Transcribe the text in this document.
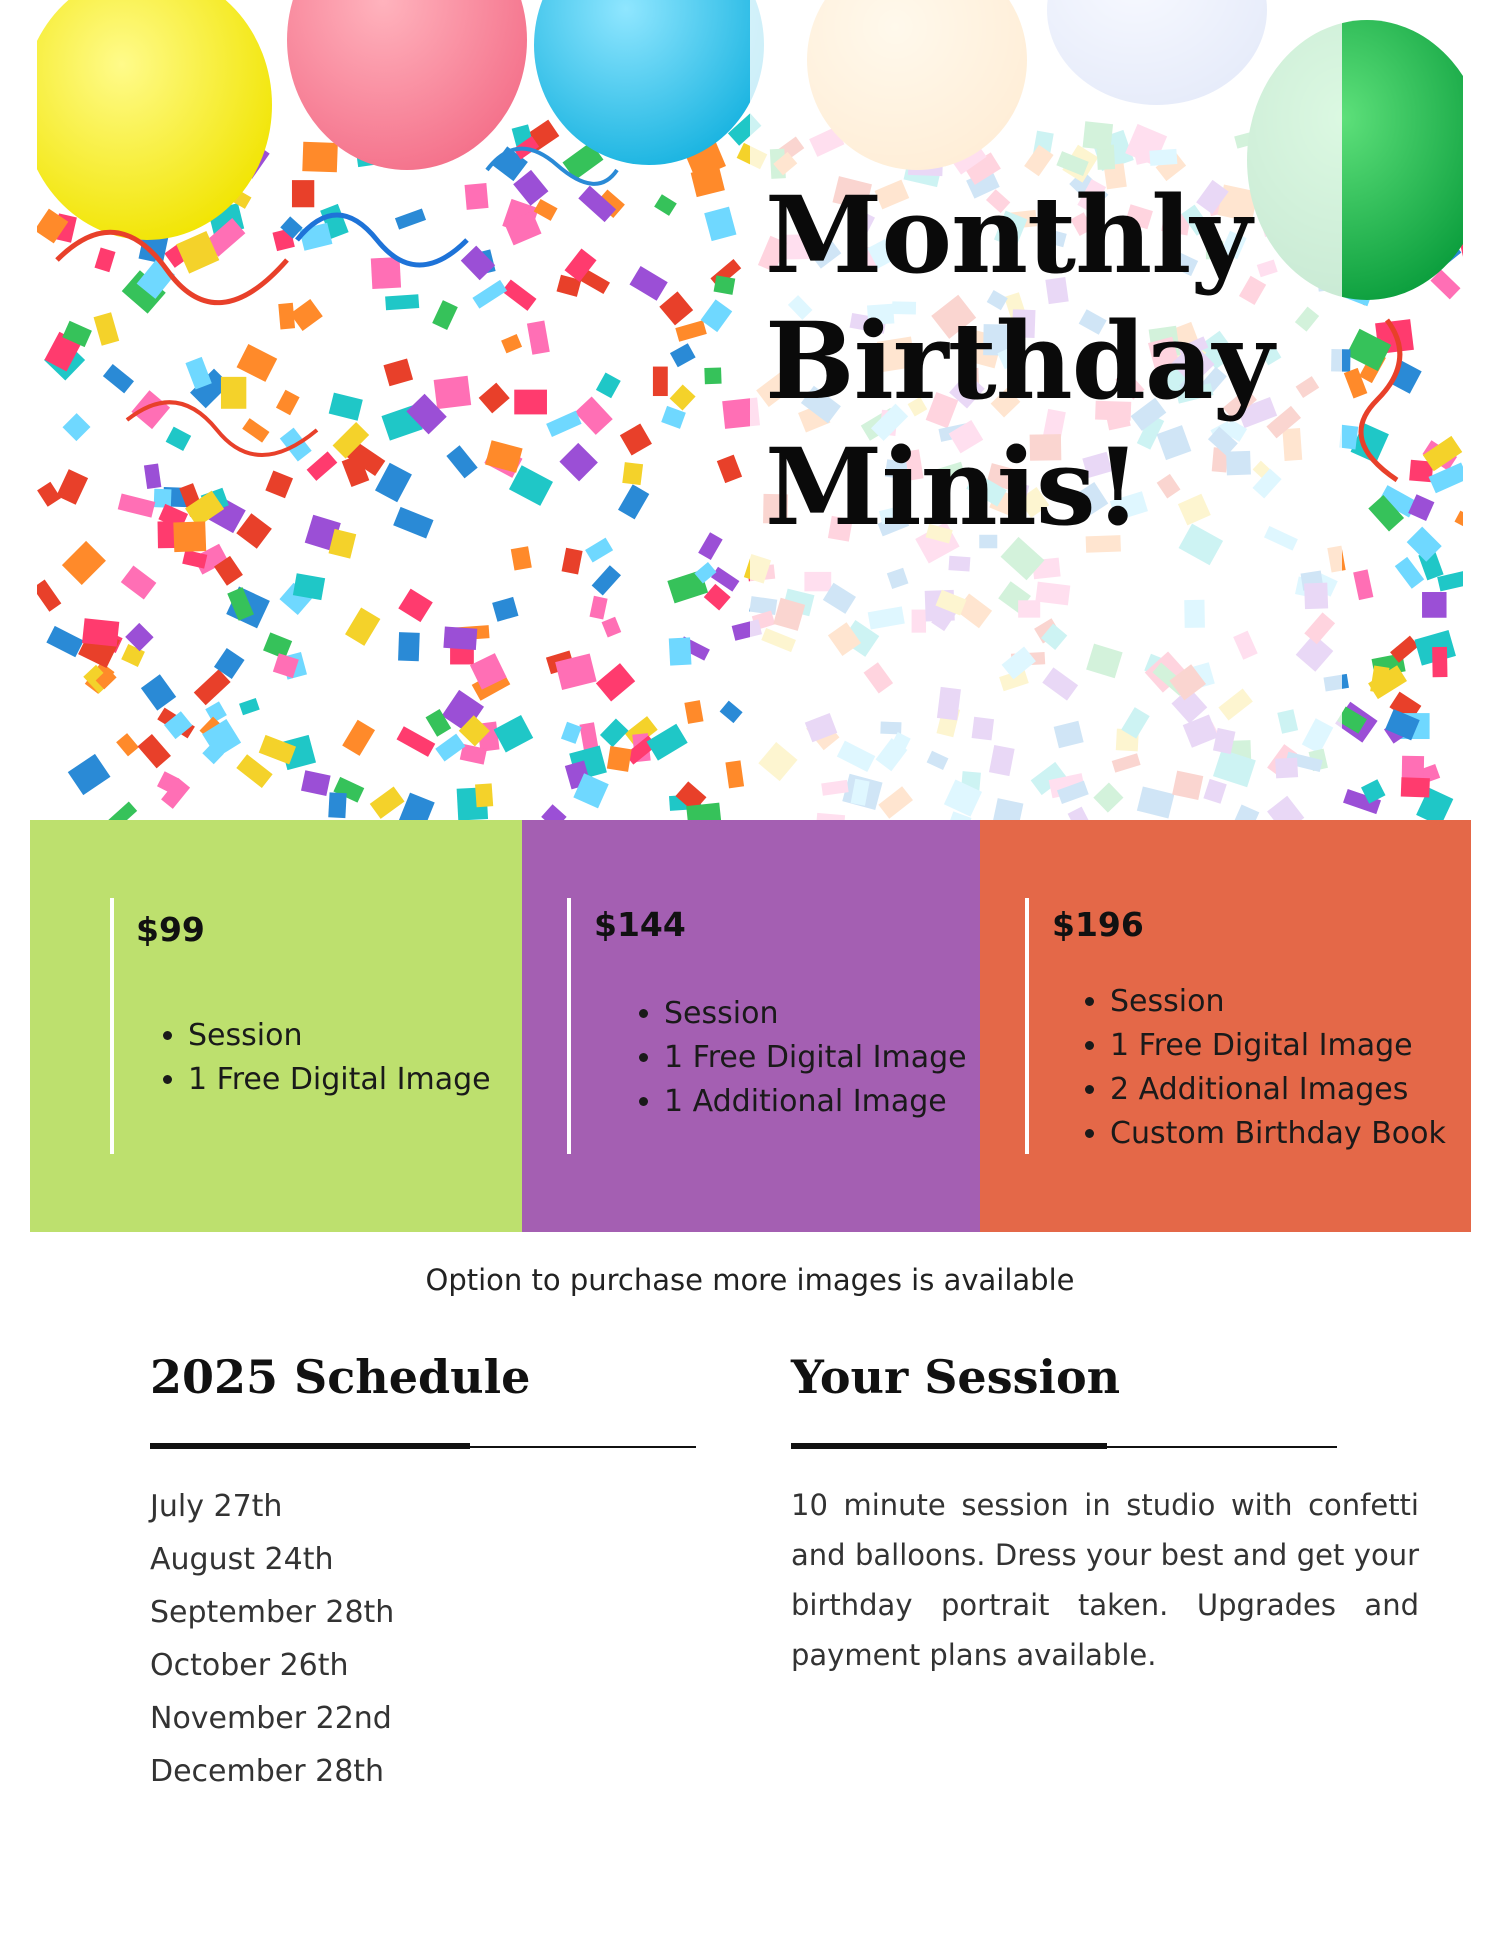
Monthly
Birthday
Minis!

$99

• Session
• 1 Free Digital Image

$144

• Session
• 1 Free Digital Image
• 1 Additional Image

$196

• Session
• 1 Free Digital Image
• 2 Additional Images
• Custom Birthday Book

Option to purchase more images is available

2025 Schedule
July 27th
August 24th
September 28th
October 26th
November 22nd
December 28th
Your Session

10 minute session in studio with confetti and balloons. Dress your best and get your birthday portrait taken. Upgrades and payment plans available.
